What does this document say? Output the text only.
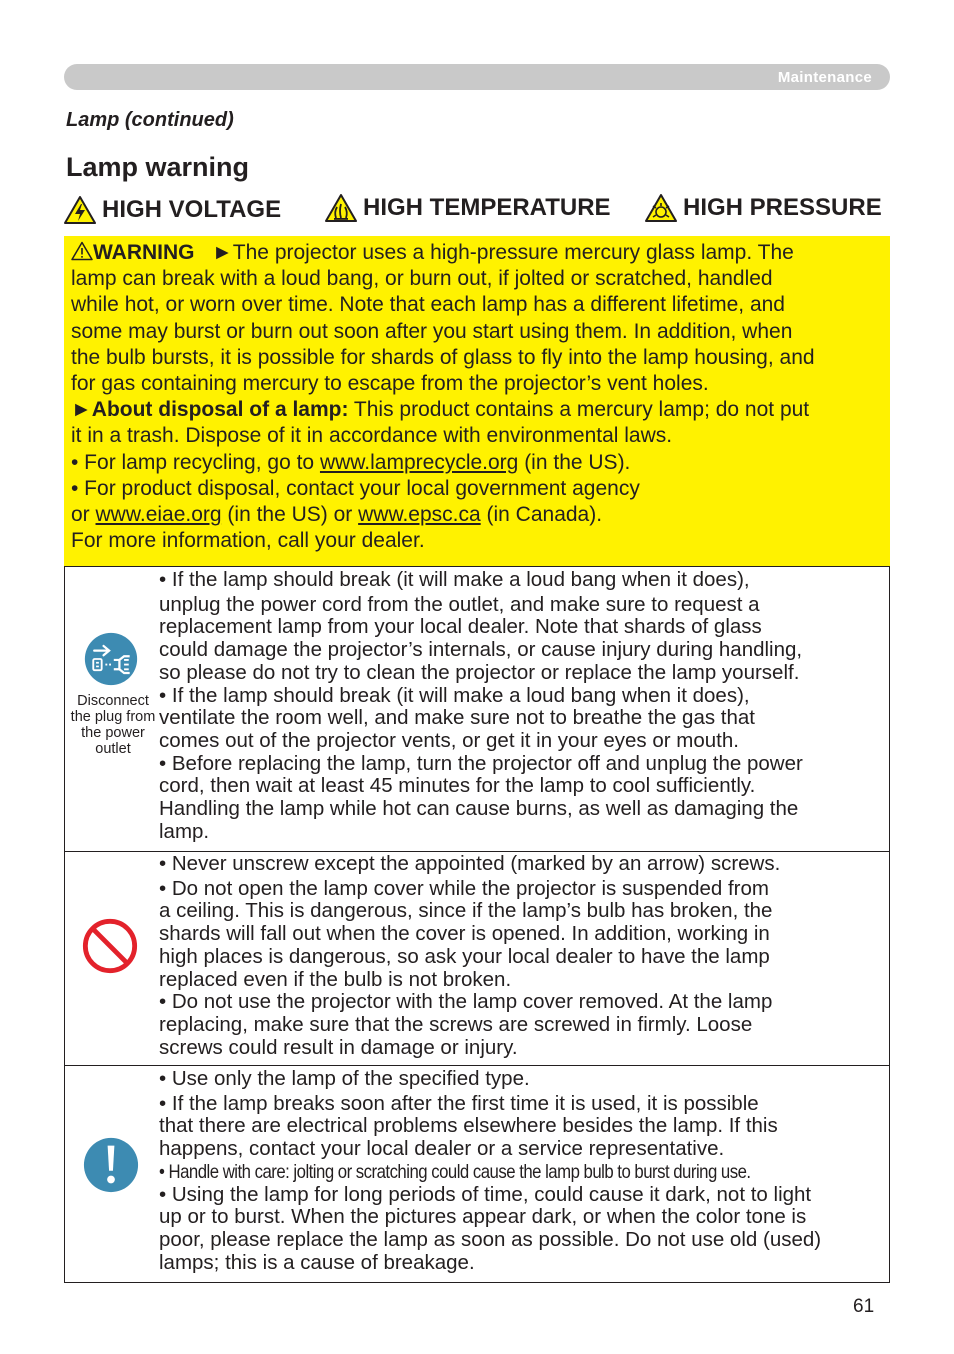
Maintenance
Lamp (continued)
Lamp warning
HIGH VOLTAGE	HIGH TEMPERATURE	HIGH PRESSURE
WARNING ►The projector uses a high-pressure mercury glass lamp. The
lamp can break with a loud bang, or burn out, if jolted or scratched, handled
while hot, or worn over time. Note that each lamp has a different lifetime, and
some may burst or burn out soon after you start using them. In addition, when
the bulb bursts, it is possible for shards of glass to fly into the lamp housing, and
for gas containing mercury to escape from the projector’s vent holes.
►About disposal of a lamp: This product contains a mercury lamp; do not put
it in a trash. Dispose of it in accordance with environmental laws.
• For lamp recycling, go to www.lamprecycle.org (in the US).
• For product disposal, contact your local government agency
or www.eiae.org (in the US) or www.epsc.ca (in Canada).
For more information, call your dealer.
Disconnect the plug from the power outlet

• If the lamp should break (it will make a loud bang when it does),

unplug the power cord from the outlet, and make sure to request a

replacement lamp from your local dealer. Note that shards of glass

could damage the projector’s internals, or cause injury during handling,

so please do not try to clean the projector or replace the lamp yourself.

• If the lamp should break (it will make a loud bang when it does),

ventilate the room well, and make sure not to breathe the gas that

comes out of the projector vents, or get it in your eyes or mouth.

• Before replacing the lamp, turn the projector off and unplug the power

cord, then wait at least 45 minutes for the lamp to cool sufficiently.

Handling the lamp while hot can cause burns, as well as damaging the

lamp.

• Never unscrew except the appointed (marked by an arrow) screws.

• Do not open the lamp cover while the projector is suspended from

a ceiling. This is dangerous, since if the lamp’s bulb has broken, the

shards will fall out when the cover is opened. In addition, working in

high places is dangerous, so ask your local dealer to have the lamp

replaced even if the bulb is not broken.

• Do not use the projector with the lamp cover removed. At the lamp

replacing, make sure that the screws are screwed in firmly. Loose

screws could result in damage or injury.

• Use only the lamp of the specified type.

• If the lamp breaks soon after the first time it is used, it is possible

that there are electrical problems elsewhere besides the lamp. If this

happens, contact your local dealer or a service representative.

• Handle with care: jolting or scratching could cause the lamp bulb to burst during use.

• Using the lamp for long periods of time, could cause it dark, not to light

up or to burst. When the pictures appear dark, or when the color tone is

poor, please replace the lamp as soon as possible. Do not use old (used)

lamps; this is a cause of breakage.

61
